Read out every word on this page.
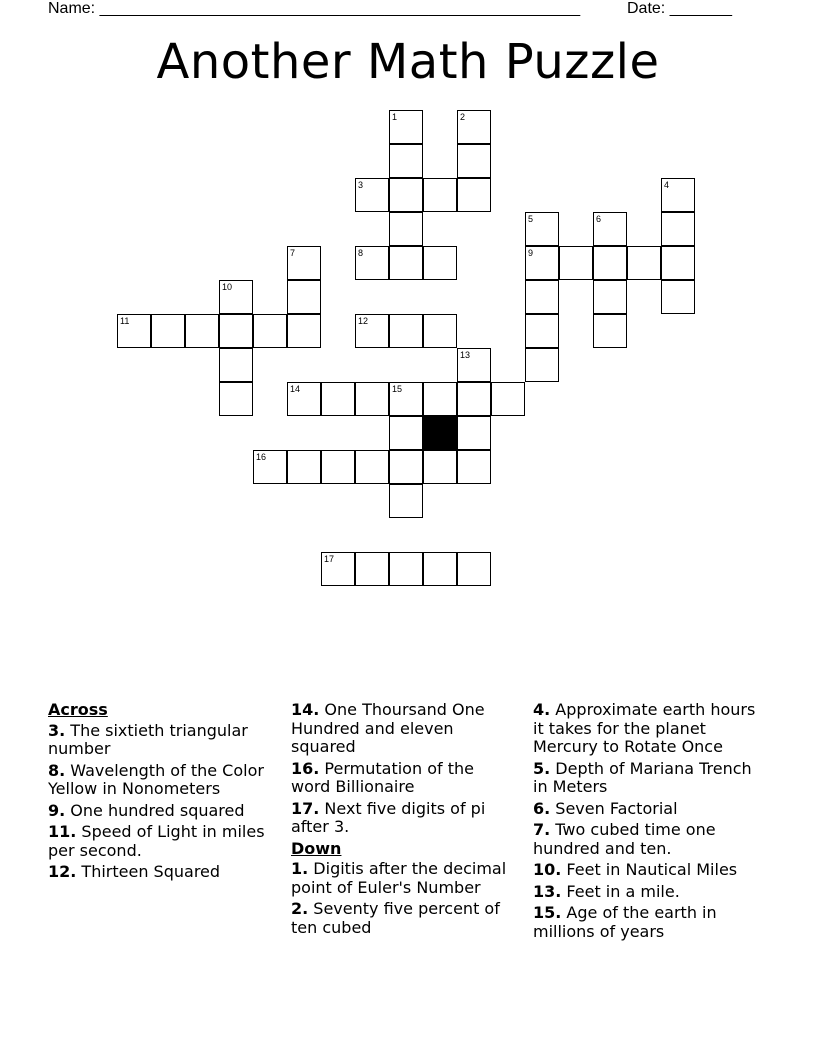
Name: ______________________________________________________	Date: _______
Another Math Puzzle
1	2
3	4
5	6
7	8	9
10
11	12
13
14	15
16
17
Across
3. The sixtieth triangular number
8. Wavelength of the Color Yellow in Nonometers
9. One hundred squared
11. Speed of Light in miles per second.
12. Thirteen Squared
14. One Thoursand One Hundred and eleven squared
16. Permutation of the word Billionaire
17. Next five digits of pi after 3.
Down
1. Digitis after the decimal point of Euler's Number
2. Seventy five percent of ten cubed
4. Approximate earth hours it takes for the planet Mercury to Rotate Once
5. Depth of Mariana Trench in Meters
6. Seven Factorial
7. Two cubed time one hundred and ten.
10. Feet in Nautical Miles
13. Feet in a mile.
15. Age of the earth in millions of years
